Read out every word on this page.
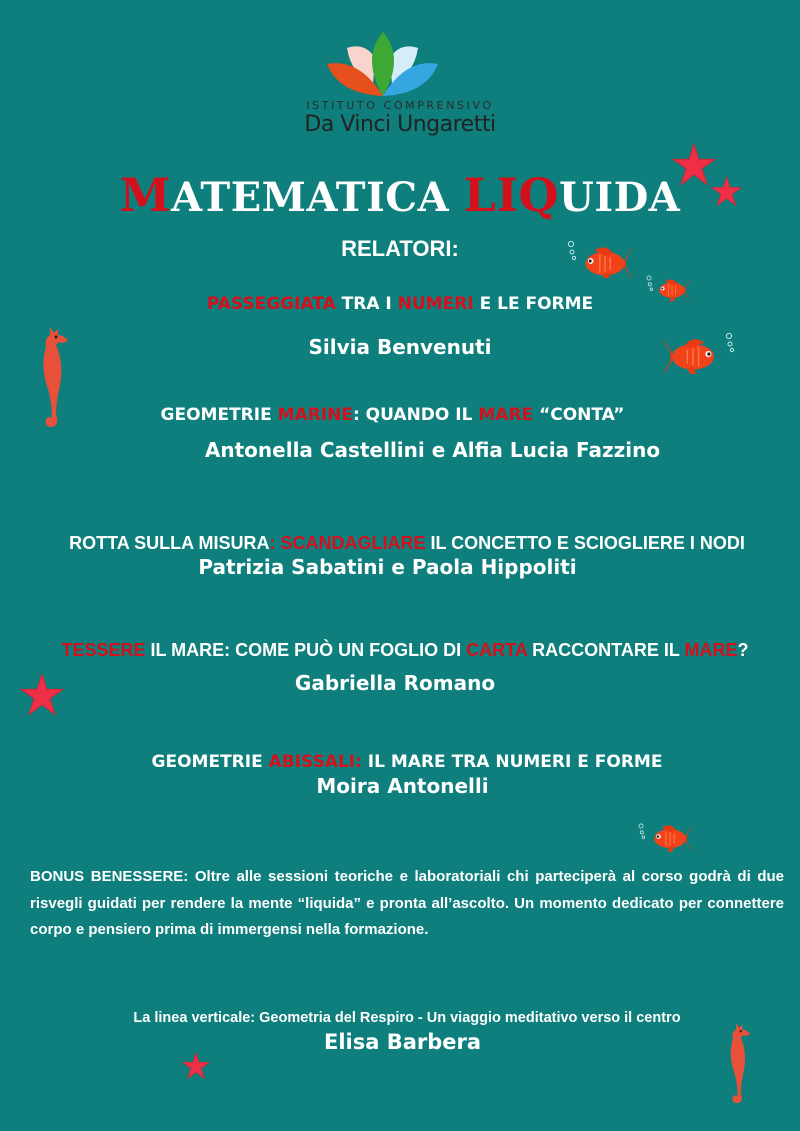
ISTITUTO COMPRENSIVO
Da Vinci Ungaretti
MATEMATICA LIQUIDA
RELATORI:
PASSEGGIATA TRA I NUMERI E LE FORME
Silvia Benvenuti
GEOMETRIE MARINE: QUANDO IL MARE “CONTA”
Antonella Castellini e Alfia Lucia Fazzino
ROTTA SULLA MISURA: SCANDAGLIARE IL CONCETTO E SCIOGLIERE I NODI
Patrizia Sabatini e Paola Hippoliti
TESSERE IL MARE: COME PUÒ UN FOGLIO DI CARTA RACCONTARE IL MARE?
Gabriella Romano
GEOMETRIE ABISSALI: IL MARE TRA NUMERI E FORME
Moira Antonelli
BONUS BENESSERE: Oltre alle sessioni teoriche e laboratoriali chi parteciperà al corso godrà di due risvegli guidati per rendere la mente “liquida” e pronta all’ascolto. Un momento dedicato per connettere corpo e pensiero prima di immergensi nella formazione.
La linea verticale: Geometria del Respiro - Un viaggio meditativo verso il centro
Elisa Barbera
